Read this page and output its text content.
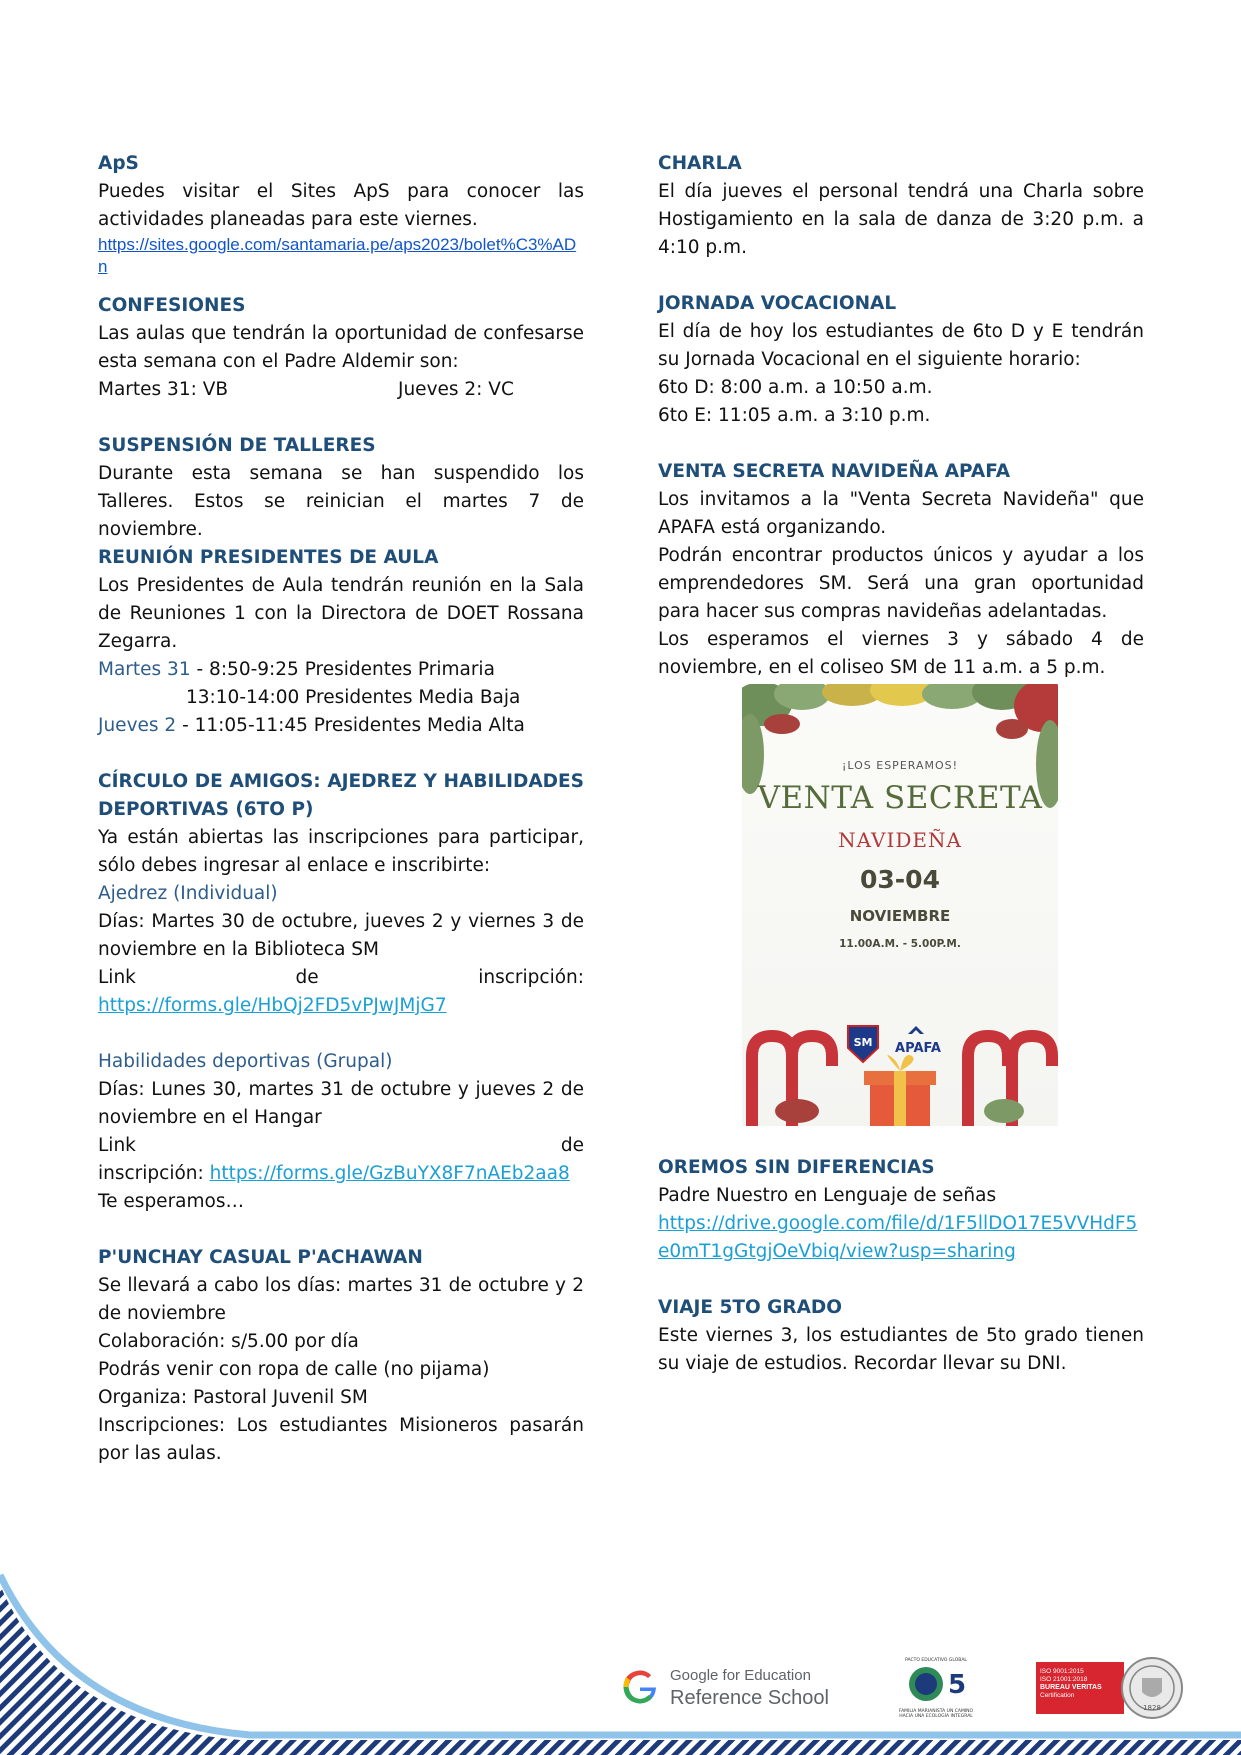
ApS

Puedes visitar el Sites ApS para conocer las actividades planeadas para este viernes.

https://sites.google.com/santamaria.pe/aps2023/bolet%C3%ADn

CONFESIONES

Las aulas que tendrán la oportunidad de confesarse esta semana con el Padre Aldemir son:

Martes 31: VB	Jueves 2: VC

SUSPENSIÓN DE TALLERES

Durante esta semana se han suspendido los Talleres. Estos se reinician el martes 7 de noviembre.

REUNIÓN PRESIDENTES DE AULA

Los Presidentes de Aula tendrán reunión en la Sala de Reuniones 1 con la Directora de DOET Rossana Zegarra.

Martes 31 - 8:50-9:25 Presidentes Primaria

13:10-14:00 Presidentes Media Baja

Jueves 2 - 11:05-11:45 Presidentes Media Alta

CÍRCULO DE AMIGOS: AJEDREZ Y HABILIDADES DEPORTIVAS (6TO P)

Ya están abiertas las inscripciones para participar, sólo debes ingresar al enlace e inscribirte:

Ajedrez (Individual)

Días: Martes 30 de octubre, jueves 2 y viernes 3 de noviembre en la Biblioteca SM

Link	de	inscripción:

https://forms.gle/HbQj2FD5vPJwJMjG7

Habilidades deportivas (Grupal)

Días: Lunes 30, martes 31 de octubre y jueves 2 de noviembre en el Hangar

Link	de

inscripción: https://forms.gle/GzBuYX8F7nAEb2aa8

Te esperamos…

P'UNCHAY CASUAL P'ACHAWAN

Se llevará a cabo los días: martes 31 de octubre y 2 de noviembre

Colaboración: s/5.00 por día

Podrás venir con ropa de calle (no pijama)

Organiza: Pastoral Juvenil SM

Inscripciones: Los estudiantes Misioneros pasarán por las aulas.

CHARLA

El día jueves el personal tendrá una Charla sobre Hostigamiento en la sala de danza de 3:20 p.m. a 4:10 p.m.

JORNADA VOCACIONAL

El día de hoy los estudiantes de 6to D y E tendrán su Jornada Vocacional en el siguiente horario:

6to D: 8:00 a.m. a 10:50 a.m.

6to E: 11:05 a.m. a 3:10 p.m.

VENTA SECRETA NAVIDEÑA APAFA

Los invitamos a la "Venta Secreta Navideña" que APAFA está organizando.

Podrán encontrar productos únicos y ayudar a los emprendedores SM. Será una gran oportunidad para hacer sus compras navideñas adelantadas.

Los esperamos el viernes 3 y sábado 4 de noviembre, en el coliseo SM de 11 a.m. a 5 p.m.

¡LOS ESPERAMOS!
VENTA SECRETA
NAVIDEÑA
03-04
NOVIEMBRE
11.00A.M. - 5.00P.M.
SM APAFA

OREMOS SIN DIFERENCIAS

Padre Nuestro en Lenguaje de señas

https://drive.google.com/file/d/1F5llDO17E5VVHdF5e0mT1gGtgjOeVbiq/view?usp=sharing

VIAJE 5TO GRADO

Este viernes 3, los estudiantes de 5to grado tienen su viaje de estudios. Recordar llevar su DNI.

Google for Education
Reference School
PACTO EDUCATIVO GLOBAL
5
FAMILIA MARIANISTA UN CAMINO HACIA UNA ECOLOGÍA INTEGRAL
ISO 9001:2015
ISO 21001:2018
BUREAU VERITAS
Certification
1828
